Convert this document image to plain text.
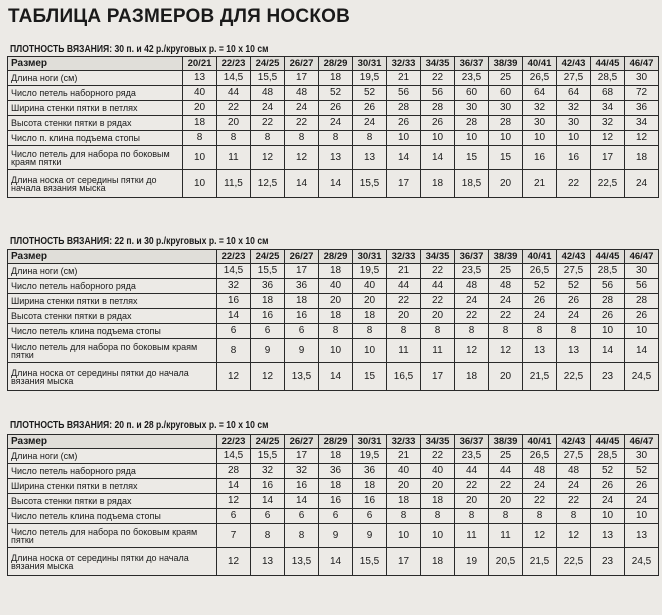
ТАБЛИЦА РАЗМЕРОВ ДЛЯ НОСКОВ
ПЛОТНОСТЬ ВЯЗАНИЯ: 30 п. и 42 р./круговых р. = 10 х 10 см
Размер	20/21	22/23	24/25	26/27	28/29	30/31	32/33	34/35	36/37	38/39	40/41	42/43	44/45	46/47
Длина ноги (см)	13	14,5	15,5	17	18	19,5	21	22	23,5	25	26,5	27,5	28,5	30
Число петель наборного ряда	40	44	48	48	52	52	56	56	60	60	64	64	68	72
Ширина стенки пятки в петлях	20	22	24	24	26	26	28	28	30	30	32	32	34	36
Высота стенки пятки в рядах	18	20	22	22	24	24	26	26	28	28	30	30	32	34
Число п. клина подъема стопы	8	8	8	8	8	8	10	10	10	10	10	10	12	12
Число петель для набора по боковым краям пятки	10	11	12	12	13	13	14	14	15	15	16	16	17	18
Длина носка от середины пятки до начала вязания мыска	10	11,5	12,5	14	14	15,5	17	18	18,5	20	21	22	22,5	24
ПЛОТНОСТЬ ВЯЗАНИЯ: 22 п. и 30 р./круговых р. = 10 х 10 см
Размер	22/23	24/25	26/27	28/29	30/31	32/33	34/35	36/37	38/39	40/41	42/43	44/45	46/47
Длина ноги (см)	14,5	15,5	17	18	19,5	21	22	23,5	25	26,5	27,5	28,5	30
Число петель наборного ряда	32	36	36	40	40	44	44	48	48	52	52	56	56
Ширина стенки пятки в петлях	16	18	18	20	20	22	22	24	24	26	26	28	28
Высота стенки пятки в рядах	14	16	16	18	18	20	20	22	22	24	24	26	26
Число петель клина подъема стопы	6	6	6	8	8	8	8	8	8	8	8	10	10
Число петель для набора по боковым краям пятки	8	9	9	10	10	11	11	12	12	13	13	14	14
Длина носка от середины пятки до начала вязания мыска	12	12	13,5	14	15	16,5	17	18	20	21,5	22,5	23	24,5
ПЛОТНОСТЬ ВЯЗАНИЯ: 20 п. и 28 р./круговых р. = 10 х 10 см
Размер	22/23	24/25	26/27	28/29	30/31	32/33	34/35	36/37	38/39	40/41	42/43	44/45	46/47
Длина ноги (см)	14,5	15,5	17	18	19,5	21	22	23,5	25	26,5	27,5	28,5	30
Число петель наборного ряда	28	32	32	36	36	40	40	44	44	48	48	52	52
Ширина стенки пятки в петлях	14	16	16	18	18	20	20	22	22	24	24	26	26
Высота стенки пятки в рядах	12	14	14	16	16	18	18	20	20	22	22	24	24
Число петель клина подъема стопы	6	6	6	6	6	8	8	8	8	8	8	10	10
Число петель для набора по боковым краям пятки	7	8	8	9	9	10	10	11	11	12	12	13	13
Длина носка от середины пятки до начала вязания мыска	12	13	13,5	14	15,5	17	18	19	20,5	21,5	22,5	23	24,5
